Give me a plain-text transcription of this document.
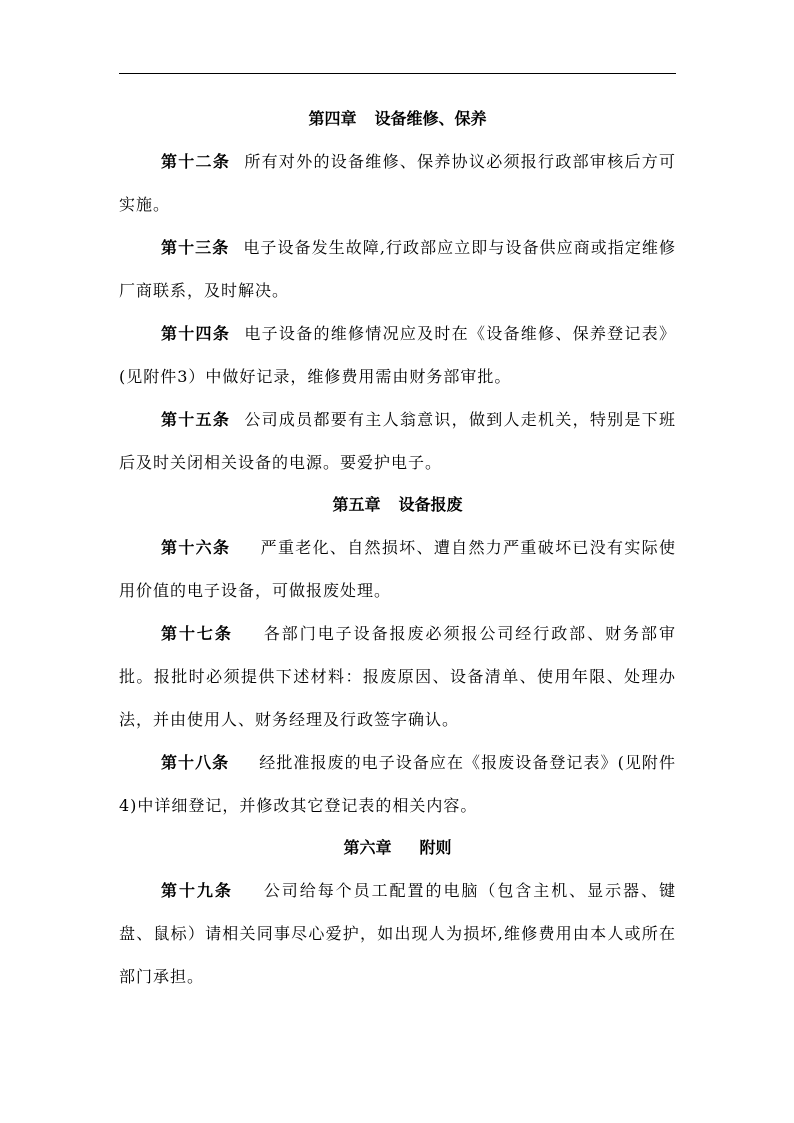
第四章 设备维修、保养

第十二条 所有对外的设备维修、保养协议必须报行政部审核后方可实施。

第十三条 电子设备发生故障,行政部应立即与设备供应商或指定维修厂商联系，及时解决。

第十四条 电子设备的维修情况应及时在《设备维修、保养登记表》(见附件3）中做好记录，维修费用需由财务部审批。

第十五条 公司成员都要有主人翁意识，做到人走机关，特别是下班后及时关闭相关设备的电源。要爱护电子。

第五章 设备报废

第十六条 严重老化、自然损坏、遭自然力严重破坏已没有实际使用价值的电子设备，可做报废处理。

第十七条 各部门电子设备报废必须报公司经行政部、财务部审批。报批时必须提供下述材料：报废原因、设备清单、使用年限、处理办法，并由使用人、财务经理及行政签字确认。

第十八条 经批准报废的电子设备应在《报废设备登记表》(见附件4)中详细登记，并修改其它登记表的相关内容。

第六章 附则

第十九条 公司给每个员工配置的电脑（包含主机、显示器、键盘、鼠标）请相关同事尽心爱护，如出现人为损坏,维修费用由本人或所在部门承担。
